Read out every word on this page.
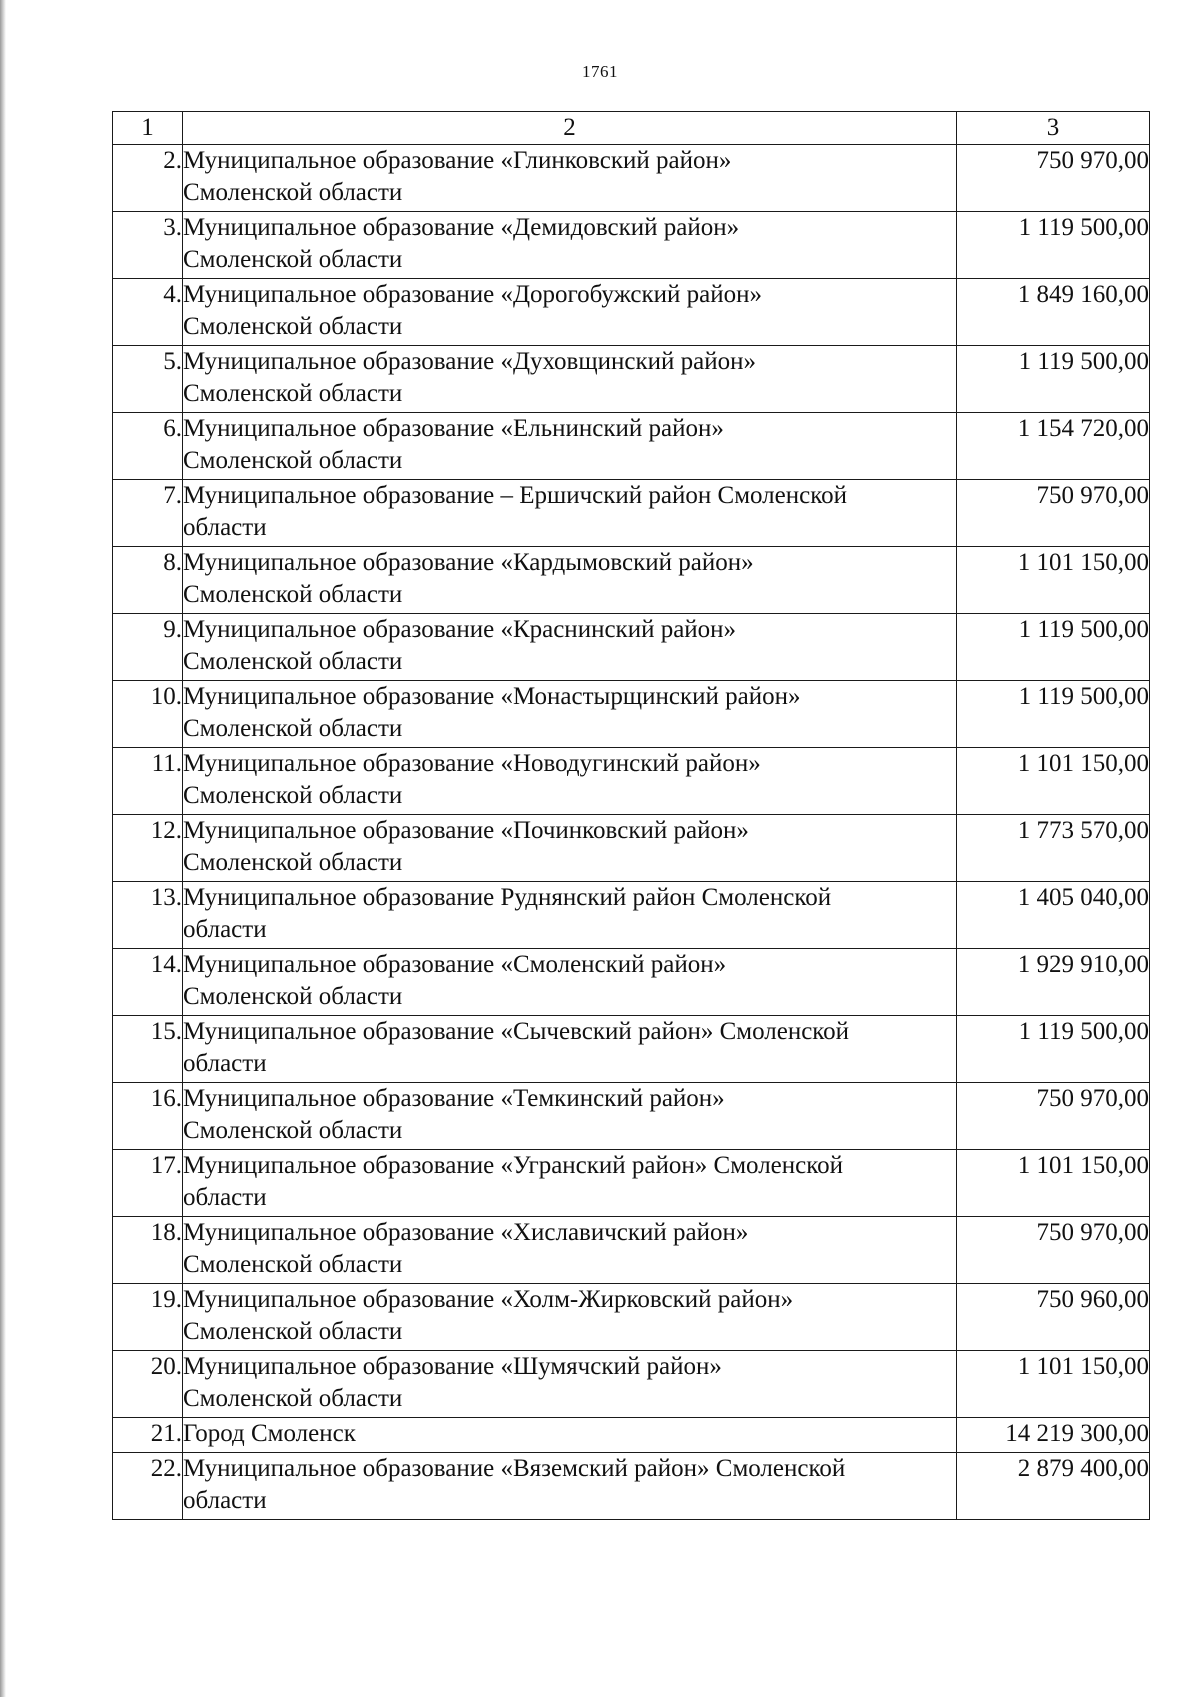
1761
1	2	3
2.	Муниципальное образование «Глинковский район»
Смоленской области	750 970,00
3.	Муниципальное образование «Демидовский район»
Смоленской области	1 119 500,00
4.	Муниципальное образование «Дорогобужский район»
Смоленской области	1 849 160,00
5.	Муниципальное образование «Духовщинский район»
Смоленской области	1 119 500,00
6.	Муниципальное образование «Ельнинский район»
Смоленской области	1 154 720,00
7.	Муниципальное образование – Ершичский район Смоленской
области	750 970,00
8.	Муниципальное образование «Кардымовский район»
Смоленской области	1 101 150,00
9.	Муниципальное образование «Краснинский район»
Смоленской области	1 119 500,00
10.	Муниципальное образование «Монастырщинский район»
Смоленской области	1 119 500,00
11.	Муниципальное образование «Новодугинский район»
Смоленской области	1 101 150,00
12.	Муниципальное образование «Починковский район»
Смоленской области	1 773 570,00
13.	Муниципальное образование Руднянский район Смоленской
области	1 405 040,00
14.	Муниципальное образование «Смоленский район»
Смоленской области	1 929 910,00
15.	Муниципальное образование «Сычевский район» Смоленской
области	1 119 500,00
16.	Муниципальное образование «Темкинский район»
Смоленской области	750 970,00
17.	Муниципальное образование «Угранский район» Смоленской
области	1 101 150,00
18.	Муниципальное образование «Хиславичский район»
Смоленской области	750 970,00
19.	Муниципальное образование «Холм-Жирковский район»
Смоленской области	750 960,00
20.	Муниципальное образование «Шумячский район»
Смоленской области	1 101 150,00
21.	Город Смоленск	14 219 300,00
22.	Муниципальное образование «Вяземский район» Смоленской
области	2 879 400,00
